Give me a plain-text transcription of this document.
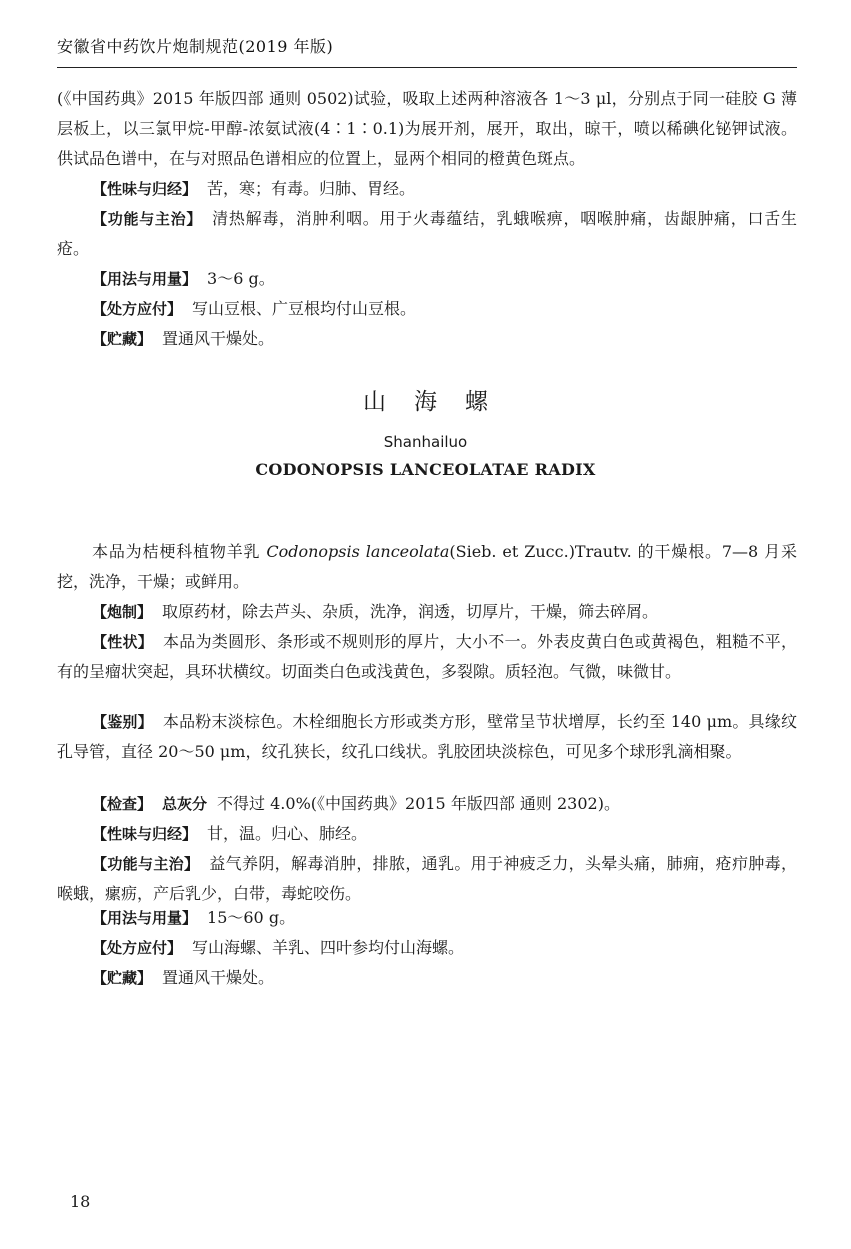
安徽省中药饮片炮制规范(2019 年版)

(《中国药典》2015 年版四部 通则 0502)试验，吸取上述两种溶液各 1～3 μl，分别点于同一硅胶 G 薄层板上，以三氯甲烷-甲醇-浓氨试液(4∶1∶0.1)为展开剂，展开，取出，晾干，喷以稀碘化铋钾试液。供试品色谱中，在与对照品色谱相应的位置上，显两个相同的橙黄色斑点。

【性味与归经】 苦，寒；有毒。归肺、胃经。

【功能与主治】 清热解毒，消肿利咽。用于火毒蕴结，乳蛾喉痹，咽喉肿痛，齿龈肿痛，口舌生疮。

【用法与用量】 3～6 g。

【处方应付】 写山豆根、广豆根均付山豆根。

【贮藏】 置通风干燥处。

山海螺
Shanhailuo
CODONOPSIS LANCEOLATAE RADIX

本品为桔梗科植物羊乳 Codonopsis lanceolata(Sieb. et Zucc.)Trautv. 的干燥根。7—8 月采挖，洗净，干燥；或鲜用。

【炮制】 取原药材，除去芦头、杂质，洗净，润透，切厚片，干燥，筛去碎屑。

【性状】 本品为类圆形、条形或不规则形的厚片，大小不一。外表皮黄白色或黄褐色，粗糙不平，有的呈瘤状突起，具环状横纹。切面类白色或浅黄色，多裂隙。质轻泡。气微，味微甘。

【鉴别】 本品粉末淡棕色。木栓细胞长方形或类方形，壁常呈节状增厚，长约至 140 μm。具缘纹孔导管，直径 20～50 μm，纹孔狭长，纹孔口线状。乳胶团块淡棕色，可见多个球形乳滴相聚。

【检查】 总灰分 不得过 4.0%(《中国药典》2015 年版四部 通则 2302)。

【性味与归经】 甘，温。归心、肺经。

【功能与主治】 益气养阴，解毒消肿，排脓，通乳。用于神疲乏力，头晕头痛，肺痈，疮疖肿毒，喉蛾，瘰疬，产后乳少，白带，毒蛇咬伤。

【用法与用量】 15～60 g。

【处方应付】 写山海螺、羊乳、四叶参均付山海螺。

【贮藏】 置通风干燥处。

18
